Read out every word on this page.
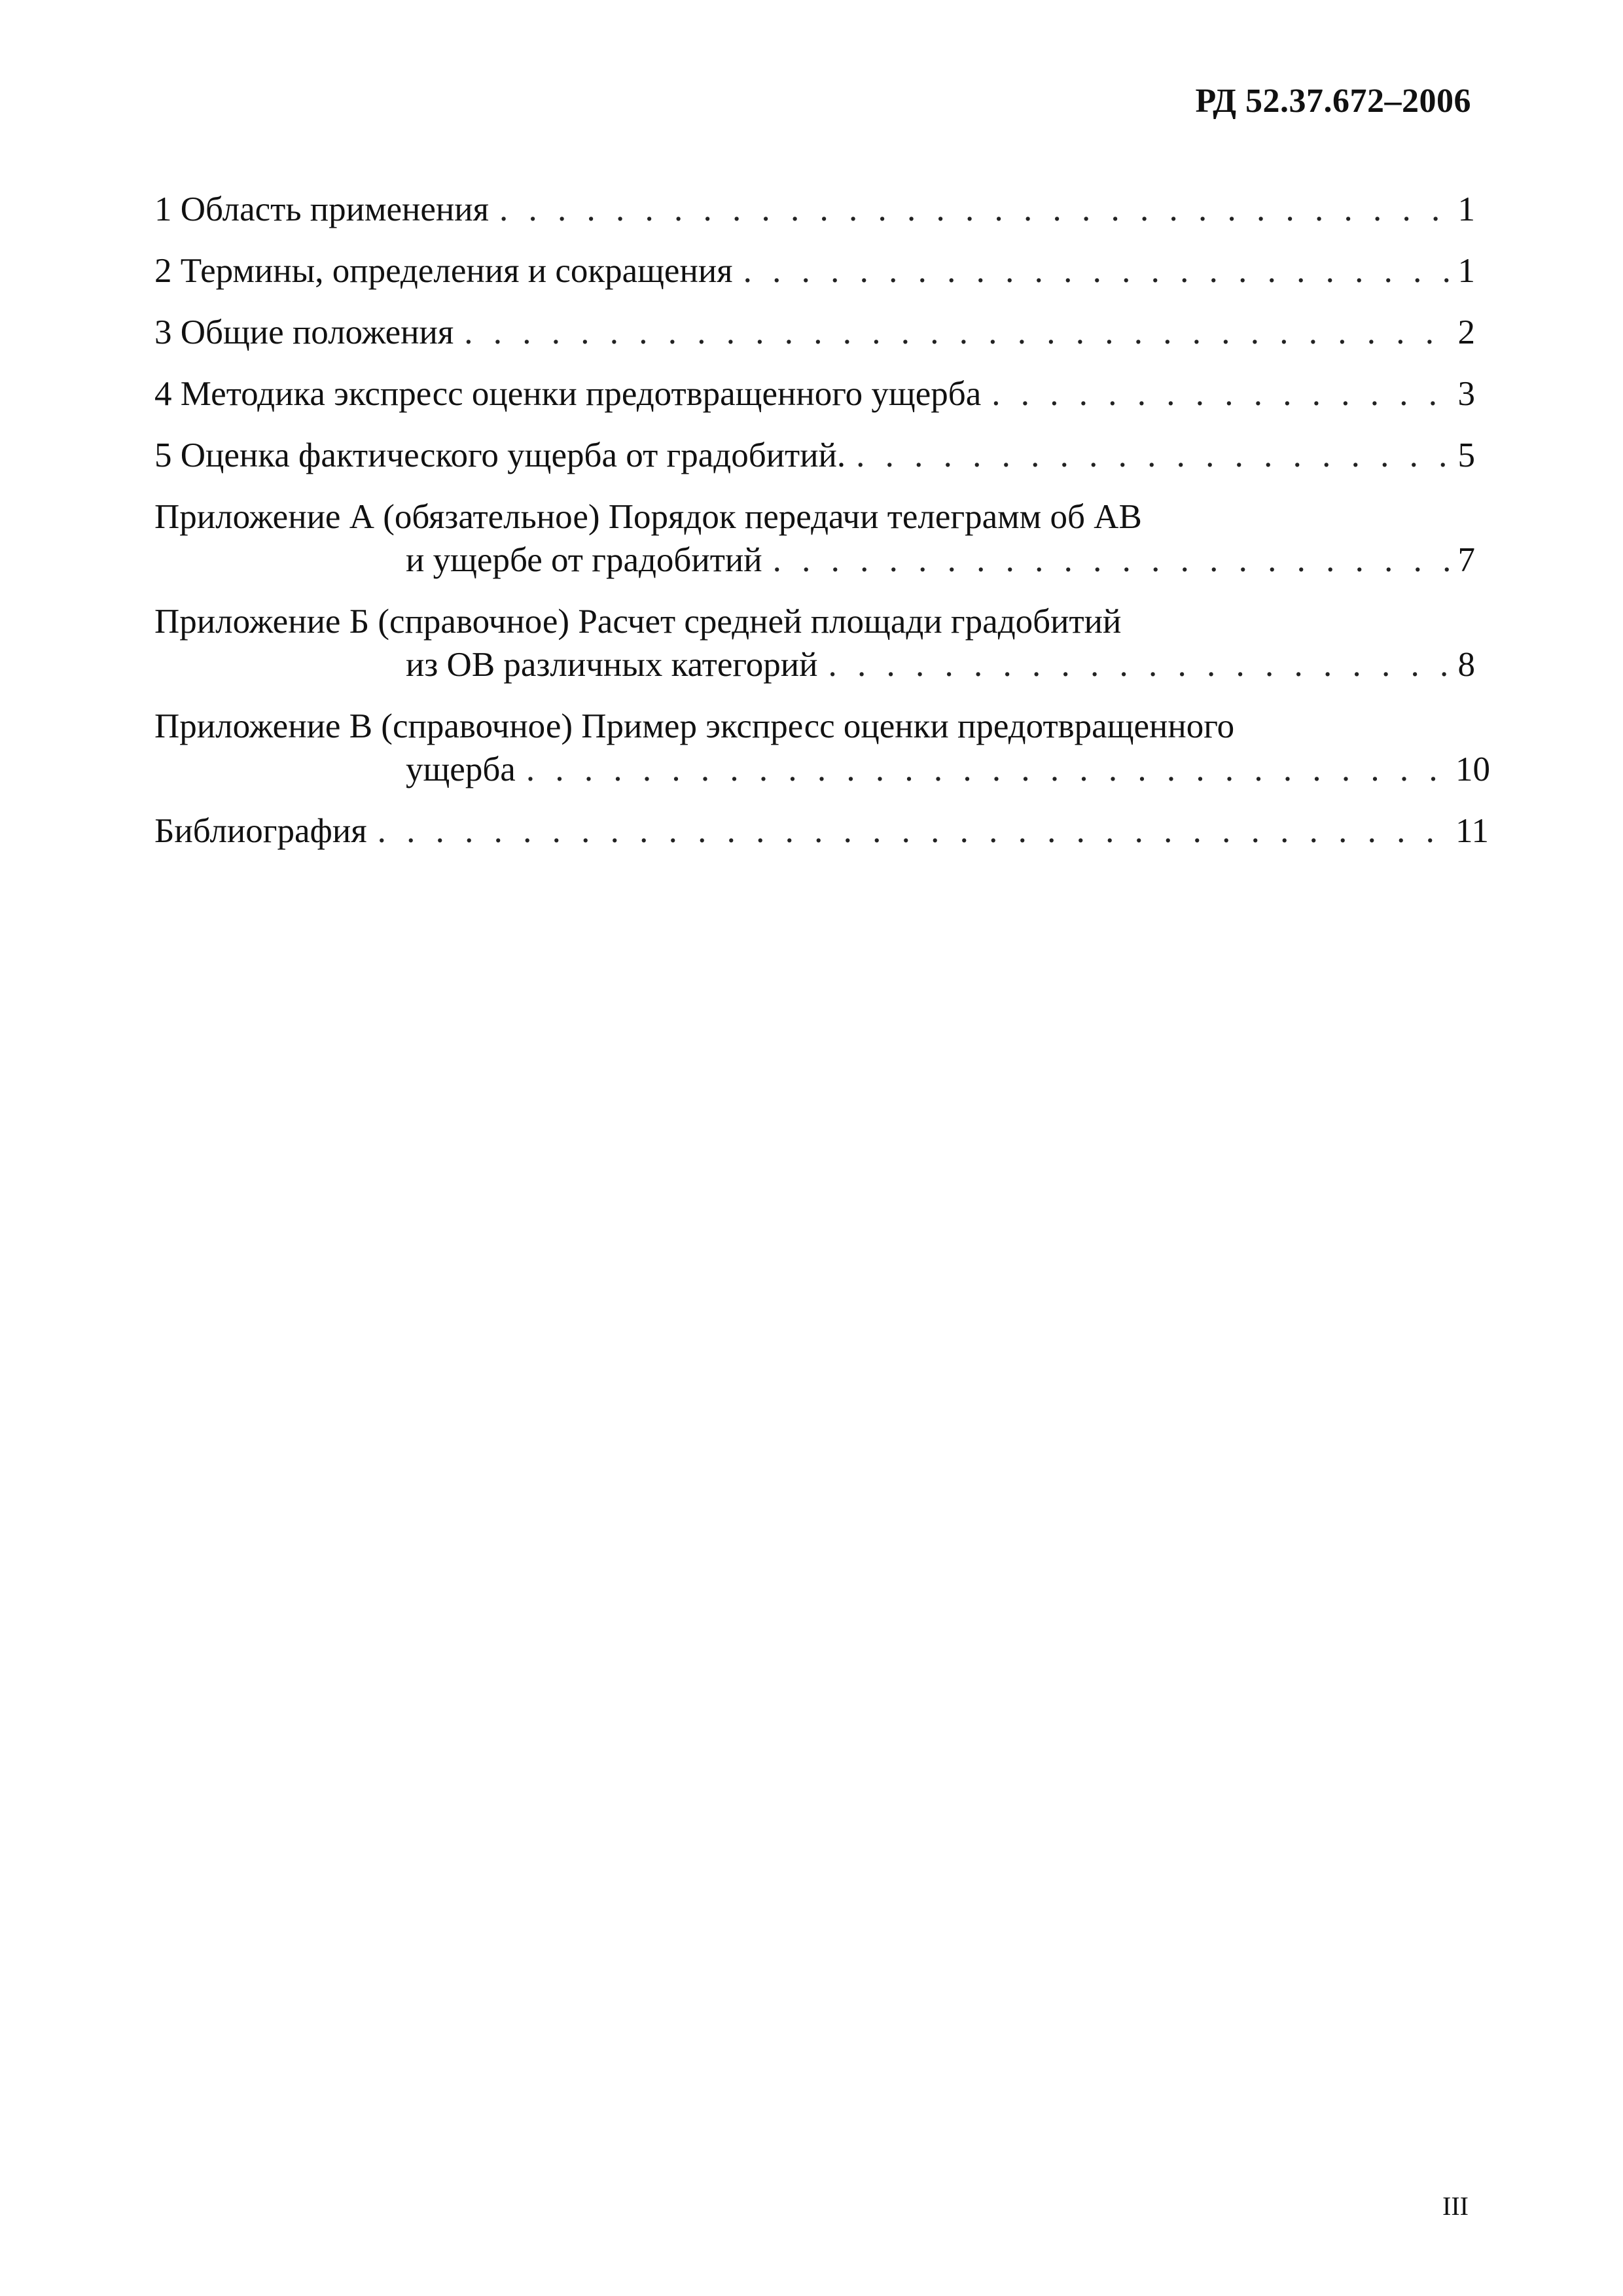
РД 52.37.672–2006
1 Область применения . . .	1
2 Термины, определения и сокращения . . .	1
3 Общие положения . . .	2
4 Методика экспресс оценки предотвращенного ущерба . . .	3
5 Оценка фактического ущерба от градобитий. . . .	5
Приложение А (обязательное) Порядок передачи телеграмм об АВ
и ущербе от градобитий . . .	7
Приложение Б (справочное) Расчет средней площади градобитий
из ОВ различных категорий . . .	8
Приложение В (справочное) Пример экспресс оценки предотвращенного
ущерба . . .	10
Библиография . . .	11
III
